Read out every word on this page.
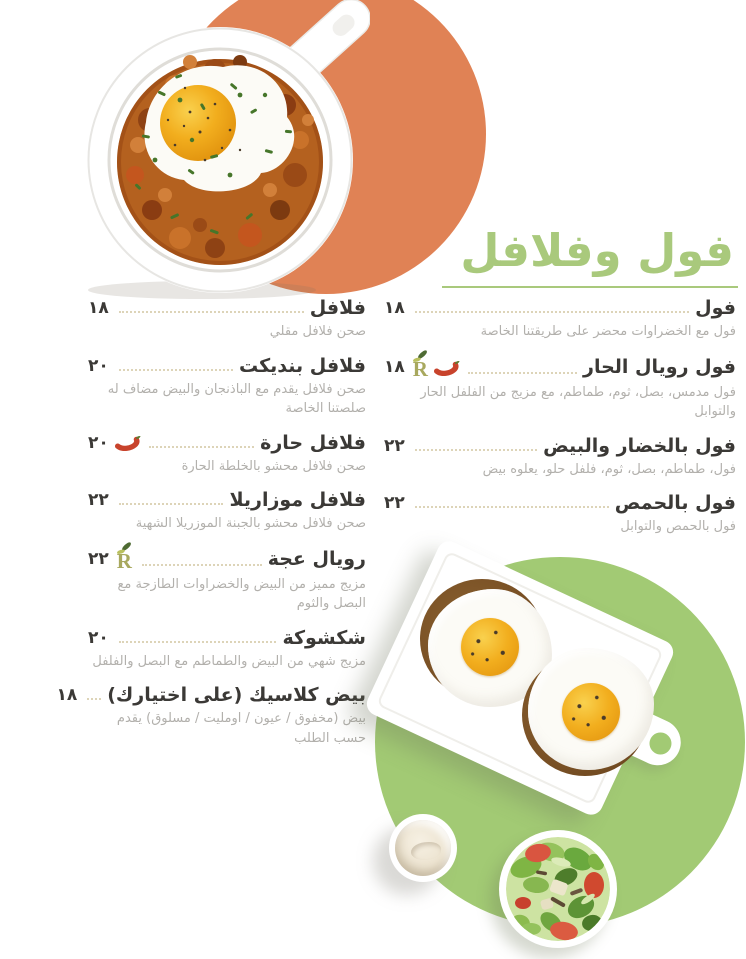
فول وفلافل
فول
١٨
فول مع الخضراوات محضر على طريقتنا الخاصة
فول رويال الحار
R
١٨
فول مدمس، بصل، ثوم، طماطم، مع مزيج من الفلفل الحار والتوابل
فول بالخضار والبيض
٢٢
فول، طماطم، بصل، ثوم، فلفل حلو، يعلوه بيض
فول بالحمص
٢٢
فول بالحمص والتوابل
فلافل
١٨
صحن فلافل مقلي
فلافل بنديكت
٢٠
صحن فلافل يقدم مع الباذنجان والبيض مضاف له صلصتنا الخاصة
فلافل حارة
٢٠
صحن فلافل محشو بالخلطة الحارة
فلافل موزاريلا
٢٢
صحن فلافل محشو بالجبنة الموزريلا الشهية
رويال عجة
R
٢٢
مزيج مميز من البيض والخضراوات الطازجة مع البصل والثوم
شكشوكة
٢٠
مزيج شهي من البيض والطماطم مع البصل والفلفل
بيض كلاسيك (على اختيارك)
١٨
بيض (مخفوق / عيون / اومليت / مسلوق) يقدم حسب الطلب
